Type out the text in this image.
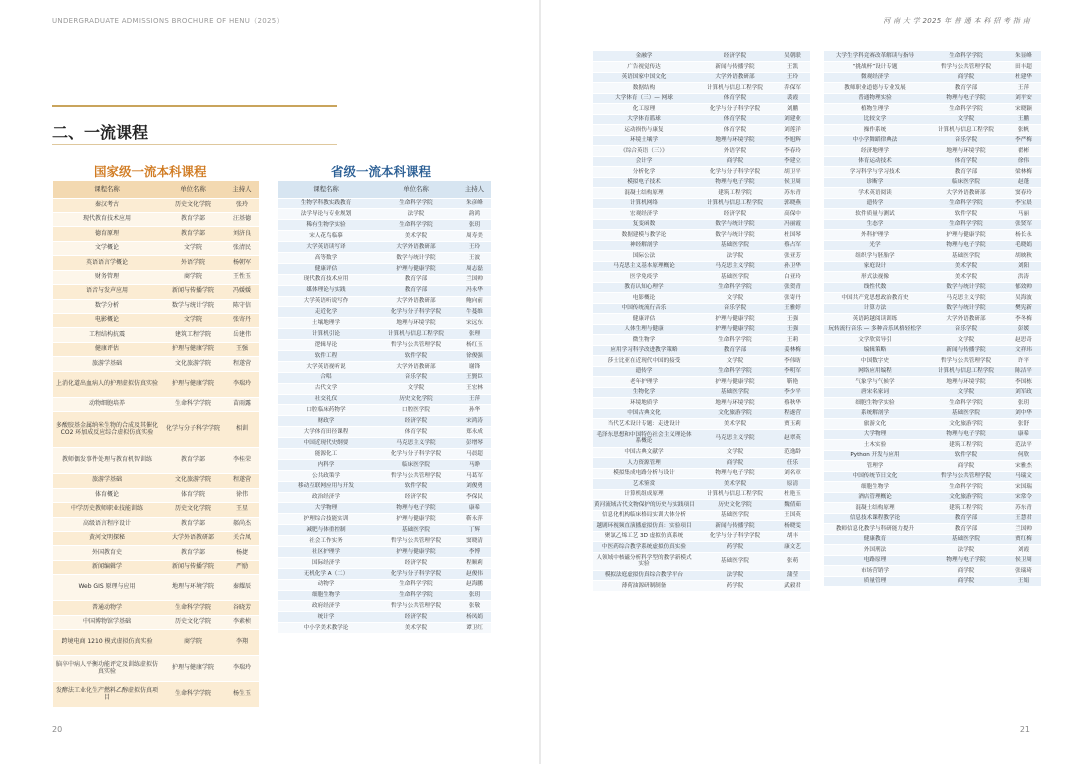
UNDERGRADUATE ADMISSIONS BROCHURE OF HENU（2025）
二、一流课程
国家级一流本科课程	省级一流本科课程
课程名称	单位名称	主持人
秦汉考古	历史文化学院	张玲
现代教育技术应用	教育学部	汪基德
德育原理	教育学部	刘济良
文学概论	文学院	张清民
英语语言学概论	外语学院	杨朝军
财务管理	商学院	王性玉
语音与发声应用	新闻与传播学院	冯媛媛
数学分析	数学与统计学院	陈守信
电影概论	文学院	张寄丹
工程结构抗震	建筑工程学院	岳建伟
健康评估	护理与健康学院	王强
旅游学基础	文化旅游学院	程遂营
上消化道出血病人的护理虚拟仿真实验	护理与健康学院	李瑞玲
动物细胞培养	生命科学学院	苗雨露
多酸胶基金属纳米生物的合成及其催化 CO2 环加成反应综合虚拟仿真实验	化学与分子科学学院	相训
教师偶发事件处理与教育机智训练	教育学部	李桂荣
旅游学基础	文化旅游学院	程遂营
体育概论	体育学院	徐伟
中学历史教师职业技能训练	历史文化学院	王星
高级语言程序设计	教育学部	郝尚杰
黄河文明探秘	大学外语教研部	关合凤
外国教育史	教育学部	杨捷
新闻编辑学	新闻与传播学院	严励
Web GIS 原理与应用	地理与环境学院	秦耀辰
普通动物学	生命科学学院	谷晓芳
中国博物馆学基础	历史文化学院	李素桢
跨境电商 1210 模式虚拟仿真实验	商学院	李翔
脑卒中病人平衡功能评定及训练虚拟仿真实验	护理与健康学院	李瑞玲
发酵法工业化生产燃料乙醇虚拟仿真项目	生命科学学院	杨生玉
课程名称	单位名称	主持人
生物学科教实践教育	生命科学学院	朱彦峰
法学导论与专业规划	法学院	韵鸿
稀有生物学实验	生命科学学院	张玥
宋人花鸟临摹	美术学院	周寿美
大学英语读写译	大学外语教研部	王玲
高等数学	数学与统计学院	王波
健康评估	护理与健康学院	周志磊
现代教育技术应用	教育学部	兰国帅
媒体理论与实践	教育学部	冯永华
大学英语听说写作	大学外语教研部	鲍向前
走近化学	化学与分子科学学院	牛蔓维
土壤地理学	地理与环境学院	宋远东
计算机引论	计算机与信息工程学院	张理
逻辑导论	哲学与公共管理学院	杨红玉
软件工程	软件学院	徐俊强
大学英语视听说	大学外语教研部	谢锋
合唱	音乐学院	王賢臣
古代文学	文学院	王宏林
社交礼仪	历史文化学院	王萍
口腔临床药物学	口腔医学院	孙华
财政学	经济学院	宋鸿涛
大学体育田径课程	体育学院	郑永成
中国近现代史纲要	马克思主义学院	彭增琴
能源化工	化学与分子科学学院	马晨超
内科学	临床医学院	马睁
公共政策学	哲学与公共管理学院	马葛军
移动互联网应用与开发	软件学院	刘俊勇
政治经济学	经济学院	李保民
大学物理	物理与电子学院	康希
护理综合技能实训	护理与健康学院	靳永萍
减肥与体重控制	基础医学院	丁辉
社会工作实务	哲学与公共管理学院	窦晓清
社区护理学	护理与健康学院	李博
国际经济学	经济学院	程顺莉
无机化学 A（二）	化学与分子科学学院	赵俊伟
动物学	生命科学学院	赵海鹏
细胞生物学	生命科学学院	张玥
政府经济学	哲学与公共管理学院	张敬
统计学	经济学院	杨凤娟
中小学美术教学论	美术学院	谭卫红
20
河 南 大 学 2025 年 普 通 本 科 招 考 指 南
金融学	经济学院	吴朝联
广告视觉传达	新闻与传播学院	王凯
英语国家中国文化	大学外语教研部	王玲
数据结构	计算机与信息工程学院	乔保军
大学体育（三）— 网球	体育学院	裴霞
化工原理	化学与分子科学学院	刘鹏
大学体育篮球	体育学院	刘建业
运动损伤与康复	体育学院	刘莲洋
环境土壤学	地理与环境学院	李旭辉
《综合英语（三）》	外语学院	李春玲
会计学	商学院	李建立
分析化学	化学与分子科学学院	胡卫平
模拟电子技术	物理与电子学院	侯卫周
混凝土结构原理	建筑工程学院	苏东青
计算机网络	计算机与信息工程学院	郭晓燕
宏观经济学	经济学院	高保中
复变函数	数学与统计学院	冯丽霞
数据建模与教学论	数学与统计学院	杜国琴
神经解剖学	基础医学院	蔡占军
国际公法	法学院	张亚芳
马克思主义基本原理概论	马克思主义学院	孙卫华
医学免疫学	基础医学院	白亚玲
教育认知心理学	生命科学学院	张贺青
电影概论	文学院	张寄丹
中国传统流行音乐	音乐学院	王雅婷
健康评估	护理与健康学院	王强
人体生理与健康	护理与健康学院	王强
微生物学	生命科学学院	王莉
应用学习科学改进教学策略	教育学部	姜林梅
莎士比亚在近现代中国的接受	文学院	李伟昉
遗传学	生命科学学院	李明军
老年护理学	护理与健康学院	靳艳
生物化学	基础医学院	李少平
环境地质学	地理与环境学院	蔡秋华
中国古典文化	文化旅游学院	程遂营
当代艺术设计专题：走进设计	美术学院	贾玉莉
毛泽东思想和中国特色社会主义理论体系概论	马克思主义学院	赵翠英
中国古典文献学	文学院	范逸龄
人力资源管理	商学院	任乐
模拟集成电路分析与设计	物理与电子学院	刘名章
艺术鉴赏	美术学院	原清
计算机组成原理	计算机与信息工程学院	杜艳玉
黄河流域古代文物保护的历史与实践项目	历史文化学院	魏倩茹
信息化机构临床格局实训大体分析	基础医学院	王国英
越剧环视频直演播虚拟仿真：实验项目	新闻与传播学院	杨晓雯
聚氯乙烯工艺 3D 虚拟仿真系统	化学与分子科学学院	胡丰
中医药综合教学系统虚拟仿真实验	药学院	康文艺
人领域中核磁分析科学型的教学新模式实验	基础医学院	张萌
模拟法庭虚拟仿真综合教学平台	法学院	蒲莹
薄荷油源研制制备	药学院	武毅君
大学生学科竞赛改革解读与指导	生命科学学院	朱显峰
“挑战杯”设计专题	哲学与公共管理学院	田丰超
微观经济学	商学院	杜建华
教师职业道德与专业发展	教育学部	王萍
普通物理实验	物理与电子学院	刘平安
植物生理学	生命科学学院	宋晓颖
比较文学	文学院	王鹏
操作系统	计算机与信息工程学院	张帆
中小学舞蹈律典法	音乐学院	李严梅
经济地理学	地理与环境学院	翟彬
体育运动技术	体育学院	徐伟
学习科学与学习技术	教育学部	梁林梅
诊断学	临床医学院	赵蓬
学术英语阅读	大学外语教研部	窦春玲
遗传学	生命科学学院	李宝晨
软件质量与测试	软件学院	马丽
生态学	生命科学学院	张贤军
外科护理学	护理与健康学院	杨长永
光学	物理与电子学院	毛晓娟
组织学与胚胎学	基础医学院	胡映秋
家庭设计	美术学院	刘阳
形式法视像	美术学院	洪涛
线性代数	数学与统计学院	郁效帅
中国共产党思想政治教育史	马克思主义学院	吴海波
计算方法	数学与统计学院	樊宪新
英语跨越阅读训练	大学外语教研部	李冬梅
玩转流行音乐 — 多种音乐风格轻松学	音乐学院	彭媛
文学欣赏导引	文学院	赵思奇
编辑策略	新闻与传播学院	文祥玮
中国数字史	哲学与公共管理学院	许平
网络应用编程	计算机与信息工程学院	陈洁平
气象学与气候学	地理与环境学院	李国栋
唐宋名家词	文学院	刘军政
细胞生物学实验	生命科学学院	张玥
系统解剖学	基础医学院	刘中华
旅游文化	文化旅游学院	张舒
大学物理	物理与电子学院	康希
土木实验	建筑工程学院	范法平
Python 开发与应用	软件学院	何欣
管理学	商学院	宋雅杰
中国传统节日文化	哲学与公共管理学院	马瑞文
细胞生物学	生命科学学院	宋国瑞
酒店管理概论	文化旅游学院	宋常令
混凝土结构原理	建筑工程学院	苏东青
信息技术课程教学论	教育学部	王慧君
教师信息化教学与科研能力提升	教育学部	兰国帅
健康教育	基础医学院	贾红梅
外国刑法	法学院	刘霞
电路原理	物理与电子学院	侯卫周
市场营销学	商学院	张瑞琦
质量管理	商学院	王娟
21
